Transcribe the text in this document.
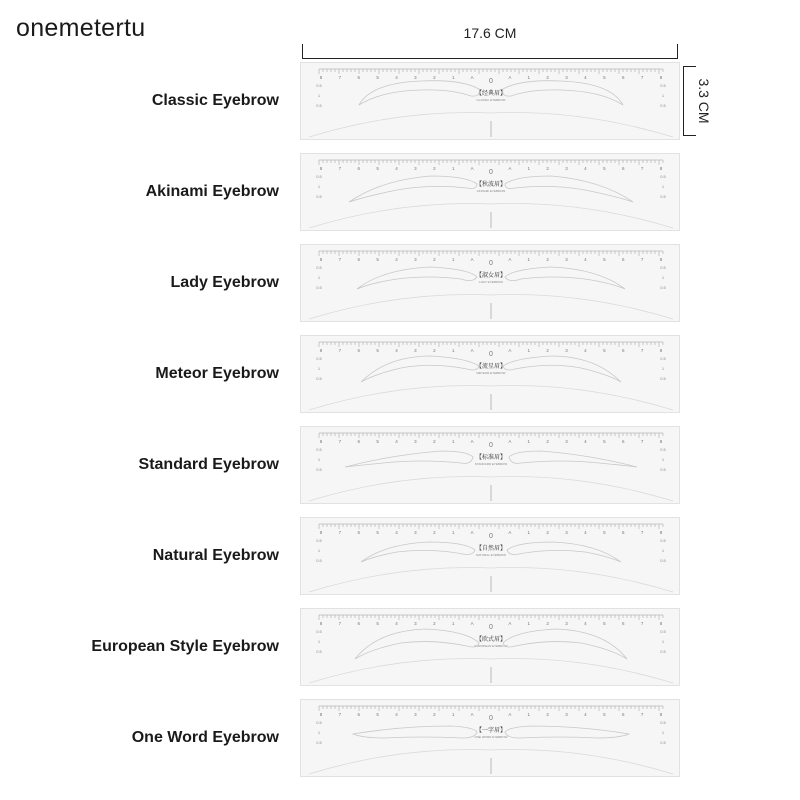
onemetertu	17.6 CM
3.3 CM
Classic Eyebrow
8	7	6	5	4	3	2	1	A
0
A	1	2	3	4	5	6	7	8
0.5	0.5
1	1
0.5	0.5
【经典眉】
CLASSIC EYEBROW
Akinami Eyebrow
8	7	6	5	4	3	2	1	A
0
A	1	2	3	4	5	6	7	8
0.5	0.5
1	1
0.5	0.5
【秋波眉】
AKINAMI EYEBROW
Lady Eyebrow
8	7	6	5	4	3	2	1	A
0
A	1	2	3	4	5	6	7	8
0.5	0.5
1	1
0.5	0.5
【淑女眉】
LADY EYEBROW
Meteor Eyebrow
8	7	6	5	4	3	2	1	A
0
A	1	2	3	4	5	6	7	8
0.5	0.5
1	1
0.5	0.5
【流星眉】
METEOR EYEBROW
Standard Eyebrow
8	7	6	5	4	3	2	1	A
0
A	1	2	3	4	5	6	7	8
0.5	0.5
1	1
0.5	0.5
【标准眉】
STANDARD EYEBROW
Natural Eyebrow
8	7	6	5	4	3	2	1	A
0
A	1	2	3	4	5	6	7	8
0.5	0.5
1	1
0.5	0.5
【自然眉】
NATURAL EYEBROW
European Style Eyebrow
8	7	6	5	4	3	2	1	A
0
A	1	2	3	4	5	6	7	8
0.5	0.5
1	1
0.5	0.5
【欧式眉】
EUROPEAN EYEBROW
One Word Eyebrow
8	7	6	5	4	3	2	1	A
0
A	1	2	3	4	5	6	7	8
0.5	0.5
1	1
0.5	0.5
【一字眉】
ONE WORD EYEBROW
